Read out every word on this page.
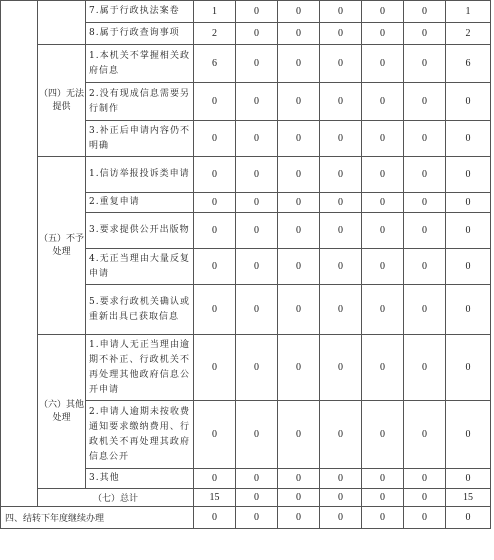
		7.属于行政执法案卷	1	0	0	0	0	0	1
		8.属于行政查询事项	2	0	0	0	0	0	2
	（四）无法提供	1.本机关不掌握相关政府信息	6	0	0	0	0	0	6
		2.没有现成信息需要另行制作	0	0	0	0	0	0	0
		3.补正后申请内容仍不明确	0	0	0	0	0	0	0
	（五）不予处理	1.信访举报投诉类申请	0	0	0	0	0	0	0
		2.重复申请	0	0	0	0	0	0	0
		3.要求提供公开出版物	0	0	0	0	0	0	0
		4.无正当理由大量反复申请	0	0	0	0	0	0	0
		5.要求行政机关确认或重新出具已获取信息	0	0	0	0	0	0	0
	（六）其他处理	1.申请人无正当理由逾期不补正、行政机关不再处理其他政府信息公开申请	0	0	0	0	0	0	0
		2.申请人逾期未按收费通知要求缴纳费用、行政机关不再处理其政府信息公开	0	0	0	0	0	0	0
		3.其他	0	0	0	0	0	0	0
	（七）总计		15	0	0	0	0	0	15
四、结转下年度继续办理			0	0	0	0	0	0	0
